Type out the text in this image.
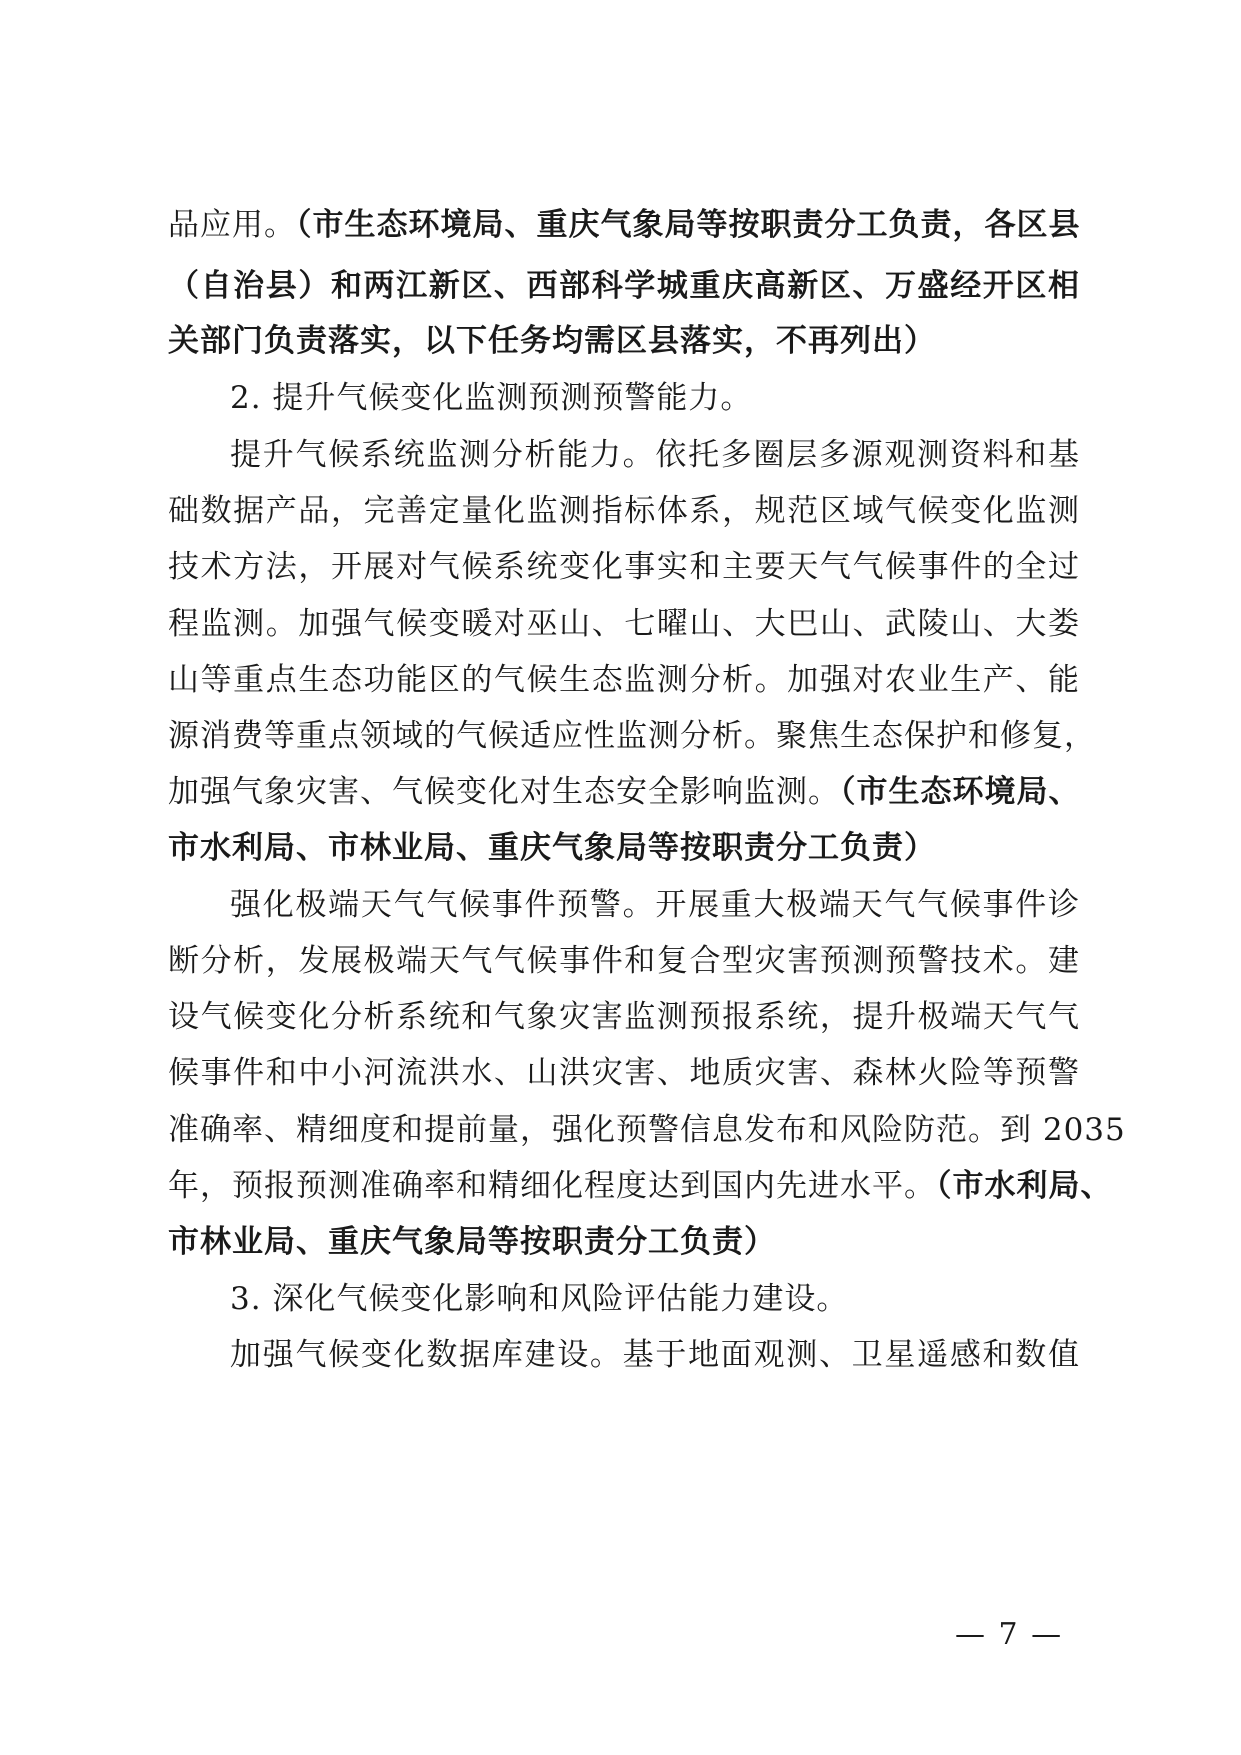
品应用。（市生态环境局、重庆气象局等按职责分工负责，各区县
（自治县）和两江新区、西部科学城重庆高新区、万盛经开区相
关部门负责落实，以下任务均需区县落实，不再列出）
2. 提升气候变化监测预测预警能力。
提升气候系统监测分析能力。依托多圈层多源观测资料和基
础数据产品，完善定量化监测指标体系，规范区域气候变化监测
技术方法，开展对气候系统变化事实和主要天气气候事件的全过
程监测。加强气候变暖对巫山、七曜山、大巴山、武陵山、大娄
山等重点生态功能区的气候生态监测分析。加强对农业生产、能
源消费等重点领域的气候适应性监测分析。聚焦生态保护和修复，
加强气象灾害、气候变化对生态安全影响监测。（市生态环境局、
市水利局、市林业局、重庆气象局等按职责分工负责）
强化极端天气气候事件预警。开展重大极端天气气候事件诊
断分析，发展极端天气气候事件和复合型灾害预测预警技术。建
设气候变化分析系统和气象灾害监测预报系统，提升极端天气气
候事件和中小河流洪水、山洪灾害、地质灾害、森林火险等预警
准确率、精细度和提前量，强化预警信息发布和风险防范。到 2035
年，预报预测准确率和精细化程度达到国内先进水平。（市水利局、
市林业局、重庆气象局等按职责分工负责）
3. 深化气候变化影响和风险评估能力建设。
加强气候变化数据库建设。基于地面观测、卫星遥感和数值
— 7 —
